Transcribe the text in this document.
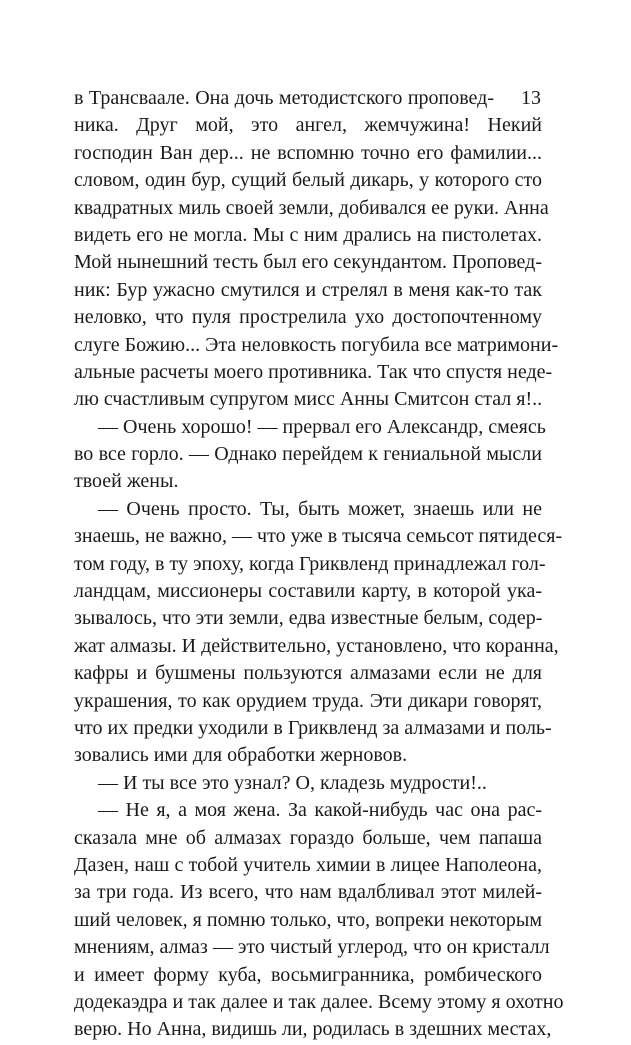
13
в Трансваале. Она дочь методистского проповед-
ника. Друг мой, это ангел, жемчужина! Некий
господин Ван дер... не вспомню точно его фамилии...
словом, один бур, сущий белый дикарь, у которого сто
квадратных миль своей земли, добивался ее руки. Анна
видеть его не могла. Мы с ним дрались на пистолетах.
Мой нынешний тесть был его секундантом. Проповед-
ник: Бур ужасно смутился и стрелял в меня как-то так
неловко, что пуля прострелила ухо достопочтенному
слуге Божию... Эта неловкость погубила все матримони-
альные расчеты моего противника. Так что спустя неде-
лю счастливым супругом мисс Анны Смитсон стал я!..
— Очень хорошо! — прервал его Александр, смеясь
во все горло. — Однако перейдем к гениальной мысли
твоей жены.
— Очень просто. Ты, быть может, знаешь или не
знаешь, не важно, — что уже в тысяча семьсот пятидеся-
том году, в ту эпоху, когда Гриквленд принадлежал гол-
ландцам, миссионеры составили карту, в которой ука-
зывалось, что эти земли, едва известные белым, содер-
жат алмазы. И действительно, установлено, что коранна,
кафры и бушмены пользуются алмазами если не для
украшения, то как орудием труда. Эти дикари говорят,
что их предки уходили в Гриквленд за алмазами и поль-
зовались ими для обработки жерновов.
— И ты все это узнал? О, кладезь мудрости!..
— Не я, а моя жена. За какой-нибудь час она рас-
сказала мне об алмазах гораздо больше, чем папаша
Дазен, наш с тобой учитель химии в лицее Наполеона,
за три года. Из всего, что нам вдалбливал этот милей-
ший человек, я помню только, что, вопреки некоторым
мнениям, алмаз — это чистый углерод, что он кристалл
и имеет форму куба, восьмигранника, ромбического
додекаэдра и так далее и так далее. Всему этому я охотно
верю. Но Анна, видишь ли, родилась в здешних местах,
